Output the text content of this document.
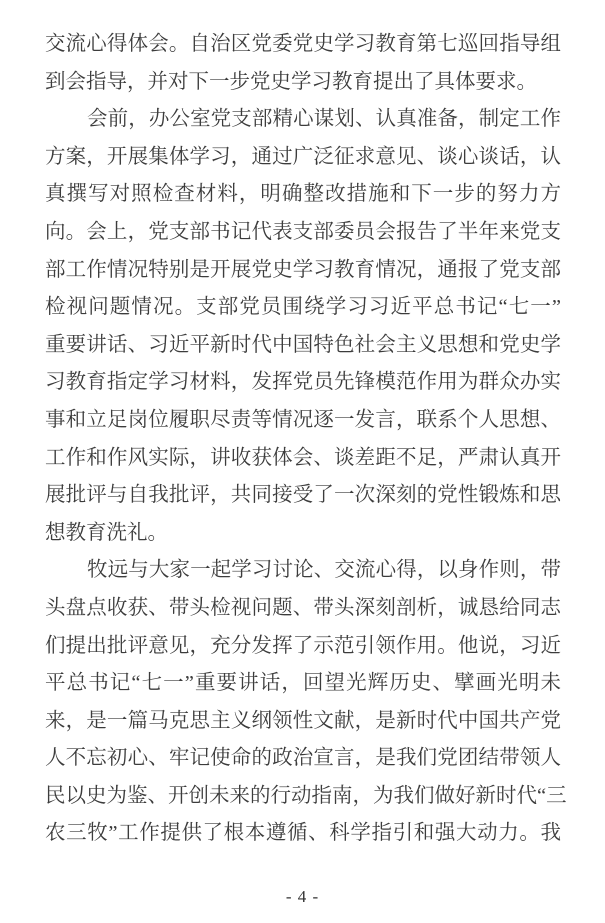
交流心得体会。自治区党委党史学习教育第七巡回指导组
到会指导，并对下一步党史学习教育提出了具体要求。
会前，办公室党支部精心谋划、认真准备，制定工作
方案，开展集体学习，通过广泛征求意见、谈心谈话，认
真撰写对照检查材料，明确整改措施和下一步的努力方
向。会上，党支部书记代表支部委员会报告了半年来党支
部工作情况特别是开展党史学习教育情况，通报了党支部
检视问题情况。支部党员围绕学习习近平总书记“七一”
重要讲话、习近平新时代中国特色社会主义思想和党史学
习教育指定学习材料，发挥党员先锋模范作用为群众办实
事和立足岗位履职尽责等情况逐一发言，联系个人思想、
工作和作风实际，讲收获体会、谈差距不足，严肃认真开
展批评与自我批评，共同接受了一次深刻的党性锻炼和思
想教育洗礼。
牧远与大家一起学习讨论、交流心得，以身作则，带
头盘点收获、带头检视问题、带头深刻剖析，诚恳给同志
们提出批评意见，充分发挥了示范引领作用。他说，习近
平总书记“七一”重要讲话，回望光辉历史、擘画光明未
来，是一篇马克思主义纲领性文献，是新时代中国共产党
人不忘初心、牢记使命的政治宣言，是我们党团结带领人
民以史为鉴、开创未来的行动指南，为我们做好新时代“三
农三牧”工作提供了根本遵循、科学指引和强大动力。我
- 4 -
